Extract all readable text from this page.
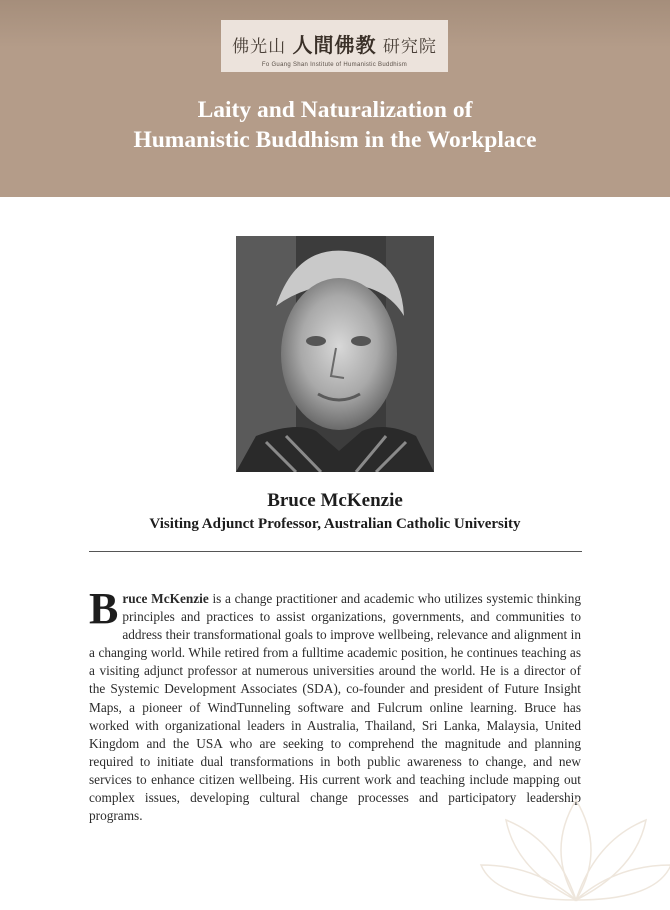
佛光山 人間佛教 研究院
Fo Guang Shan Institute of Humanistic Buddhism
Laity and Naturalization of
Humanistic Buddhism in the Workplace
Bruce McKenzie
Visiting Adjunct Professor, Australian Catholic University
Bruce McKenzie is a change practitioner and academic who utilizes systemic thinking principles and practices to assist organizations, governments, and communities to address their transformational goals to improve wellbeing, relevance and alignment in a changing world. While retired from a fulltime academic position, he continues teaching as a visiting adjunct professor at numerous universities around the world. He is a director of the Systemic Development Associates (SDA), co-founder and president of Future Insight Maps, a pioneer of WindTunneling software and Fulcrum online learning. Bruce has worked with organizational leaders in Australia, Thailand, Sri Lanka, Malaysia, United Kingdom and the USA who are seeking to comprehend the magnitude and planning required to initiate dual transformations in both public awareness to change, and new services to enhance citizen wellbeing. His current work and teaching include mapping out complex issues, developing cultural change processes and participatory leadership programs.
